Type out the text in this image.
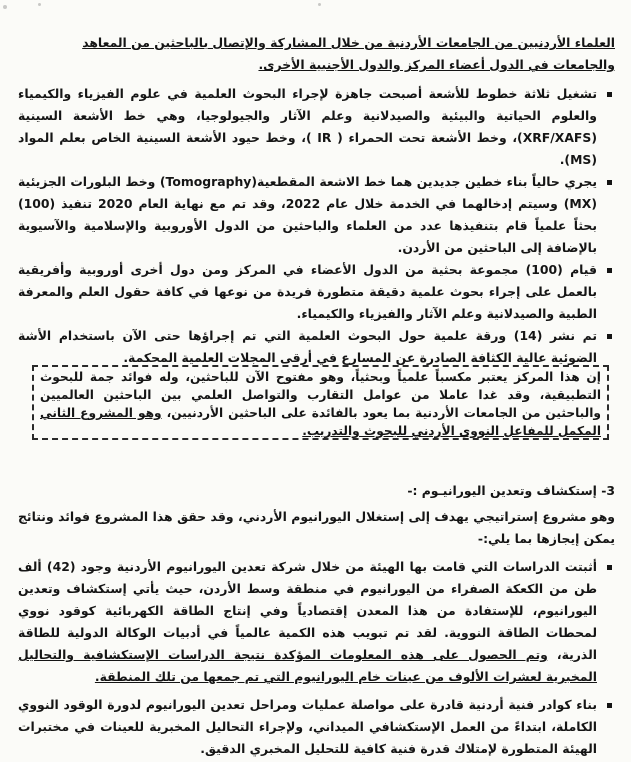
العلماء الأردنيين من الجامعات الأردنية من خلال المشاركة والإتصال بالباحثين من المعاهد
والجامعات في الدول أعضاء المركز والدول الأجنبية الأخرى.
تشغيل ثلاثة خطوط للأشعة أصبحت جاهزة لإجراء البحوث العلمية في علوم الفيزياء والكيمياء والعلوم الحياتية والبيئية والصيدلانية وعلم الآثار والجيولوجيا، وهي خط الأشعة السينية (XRF/XAFS)، وخط الأشعة تحت الحمراء ( IR )، وخط حيود الأشعة السينية الخاص بعلم المواد (MS).
يجري حالياً بناء خطين جديدين هما خط الاشعة المقطعية(Tomography) وخط البلورات الجزيئية (MX) وسيتم إدخالهما في الخدمة خلال عام 2022، وقد تم مع نهاية العام 2020 تنفيذ (100) بحثاً علمياً قام بتنفيذها عدد من العلماء والباحثين من الدول الأوروبية والإسلامية والآسيوية بالإضافة إلى الباحثين من الأردن.
قيام (100) مجموعة بحثية من الدول الأعضاء في المركز ومن دول أخرى أوروبية وأفريقية بالعمل على إجراء بحوث علمية دقيقة متطورة فريدة من نوعها في كافة حقول العلم والمعرفة الطبية والصيدلانية وعلم الآثار والفيزياء والكيمياء.
تم نشر (14) ورقة علمية حول البحوث العلمية التي تم إجراؤها حتى الآن باستخدام الأشة الضوئية عالية الكثافة الصادرة عن المسارع في أرقى المجلات العلمية المحكمة.
إن هذا المركز يعتبر مكسباً علمياً وبحثياً، وهو مفتوح الآن للباحثين، وله فوائد جمة للبحوث التطبيقية، وقد غدا عاملا من عوامل التقارب والتواصل العلمي بين الباحثين العالميين والباحثين من الجامعات الأردنية بما يعود بالفائدة على الباحثين الأردنيين، وهو المشروع الثاني المكمل للمفاعل النووي الأردني للبحوث والتدريب.
3- إستكشاف وتعدين اليورانيـوم :-
وهو مشروع إستراتيجي يهدف إلى إستغلال اليورانيوم الأردني، وقد حقق هذا المشروع فوائد ونتائج يمكن إيجازها بما يلي:-
أثبتت الدراسات التي قامت بها الهيئة من خلال شركة تعدين اليورانيوم الأردنية وجود (42) ألف طن من الكعكة الصفراء من اليورانيوم في منطقة وسط الأردن، حيث يأتي إستكشاف وتعدين اليورانيوم، للإستفادة من هذا المعدن إقتصادياً وفي إنتاج الطاقة الكهربائية كوقود نووي لمحطات الطاقة النووية. لقد تم تبويب هذه الكمية عالمياً في أدبيات الوكالة الدولية للطاقة الذرية، وتم الحصول على هذه المعلومات المؤكدة نتيجة الدراسات الإستكشافية والتحاليل المخبرية لعشرات الألوف من عينات خام اليورانيوم التي تم جمعها من تلك المنطقة.
بناء كوادر فنية أردنية قادرة على مواصلة عمليات ومراحل تعدين اليورانيوم لدورة الوقود النووي الكاملة، ابتداءً من العمل الإستكشافي الميداني، ولإجراء التحاليل المخبرية للعينات في مختبرات الهيئة المتطورة لإمتلاك قدرة فنية كافية للتحليل المخبري الدقيق.
